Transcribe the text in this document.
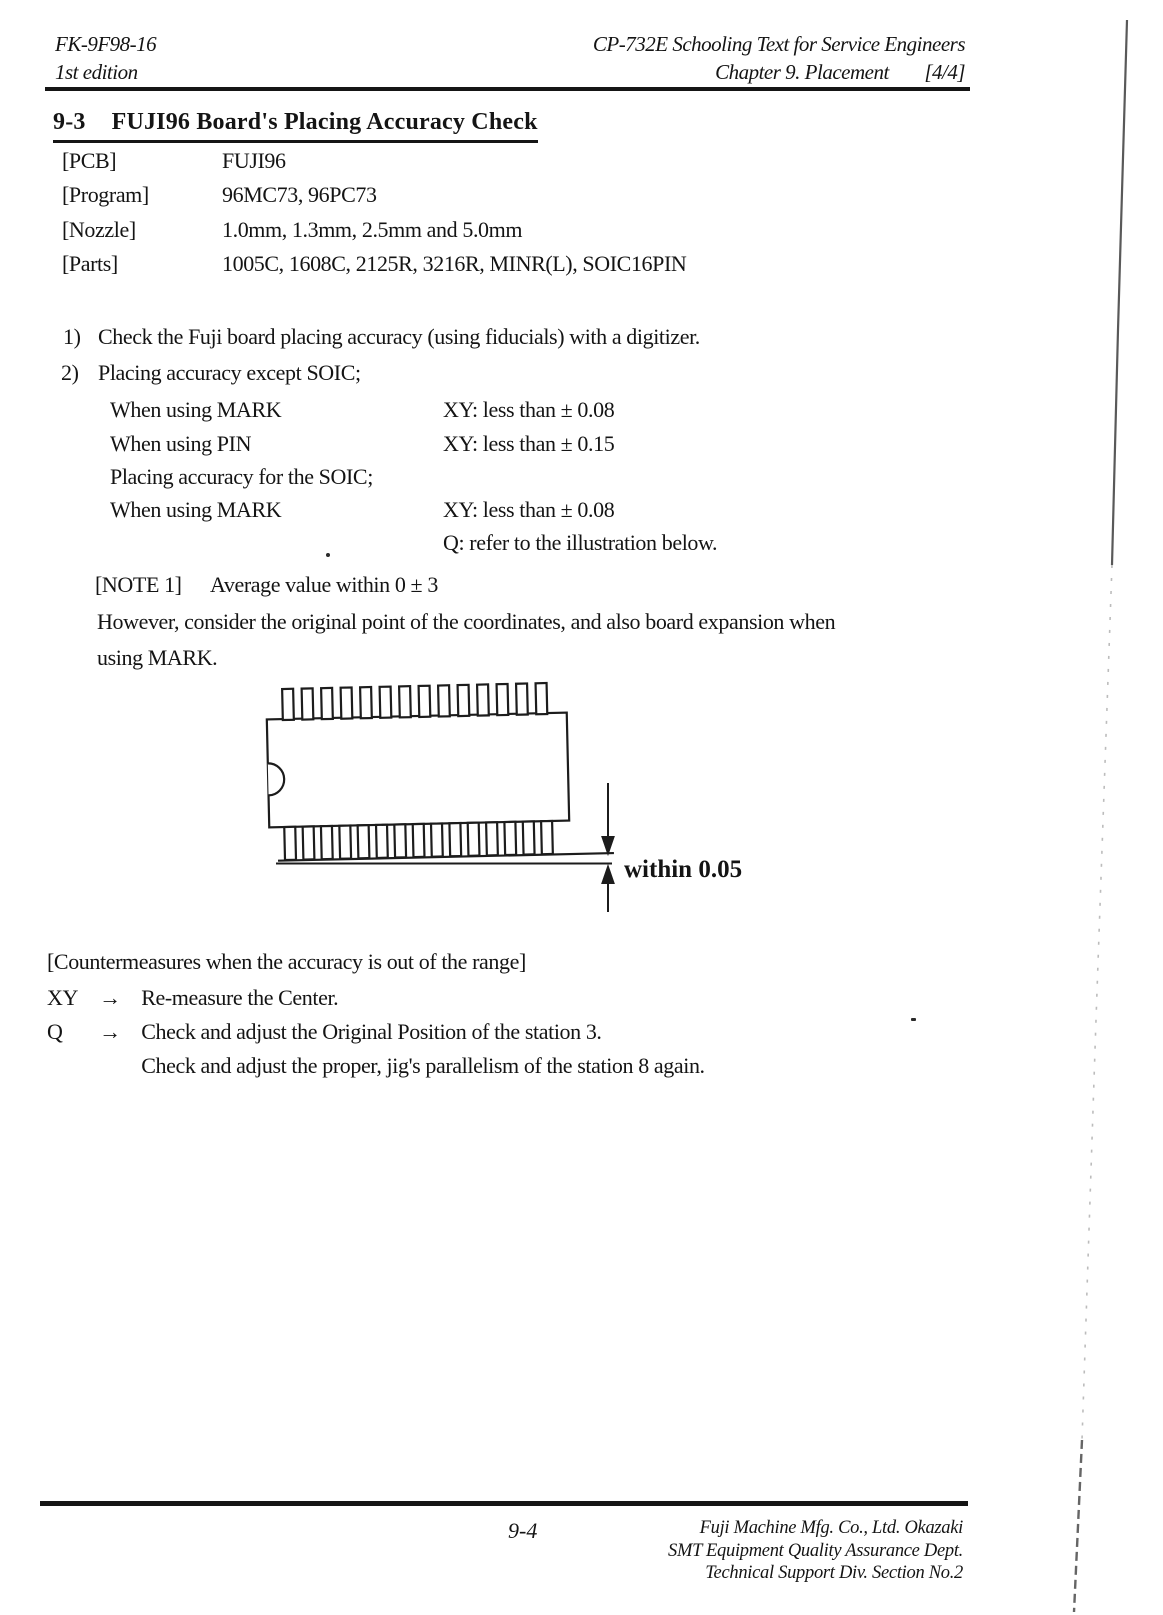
FK-9F98-16
1st edition
CP-732E Schooling Text for Service Engineers
Chapter 9. Placement [4/4]
9-3 FUJI96 Board's Placing Accuracy Check
[PCB]	FUJI96
[Program]	96MC73, 96PC73
[Nozzle]	1.0mm, 1.3mm, 2.5mm and 5.0mm
[Parts]	1005C, 1608C, 2125R, 3216R, MINR(L), SOIC16PIN
1) Check the Fuji board placing accuracy (using fiducials) with a digitizer.
2) Placing accuracy except SOIC;
When using MARK	XY: less than ± 0.08
When using PIN	XY: less than ± 0.15
Placing accuracy for the SOIC;
When using MARK	XY: less than ± 0.08
Q: refer to the illustration below.
[NOTE 1] Average value within 0 ± 3
However, consider the original point of the coordinates, and also board expansion when
using MARK.
within 0.05
[Countermeasures when the accuracy is out of the range]
XY → Re-measure the Center.
Q → Check and adjust the Original Position of the station 3.
Check and adjust the proper, jig's parallelism of the station 8 again.
9-4	Fuji Machine Mfg. Co., Ltd. Okazaki
SMT Equipment Quality Assurance Dept.
Technical Support Div. Section No.2
